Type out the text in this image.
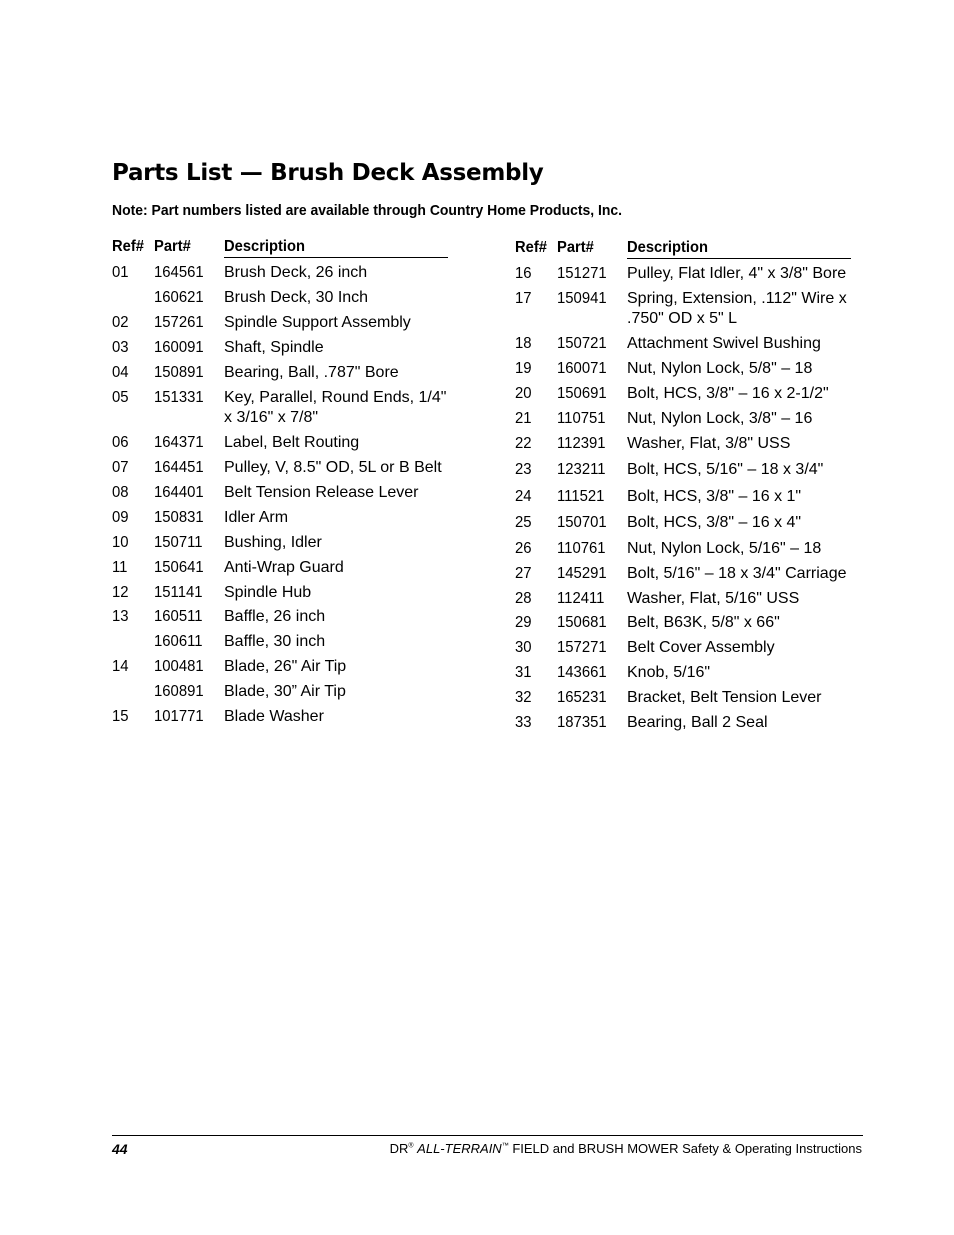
Parts List — Brush Deck Assembly

Note: Part numbers listed are available through Country Home Products, Inc.

Ref# Part# Description
01 164561 Brush Deck, 26 inch
160621 Brush Deck, 30 Inch
02 157261 Spindle Support Assembly
03 160091 Shaft, Spindle
04 150891 Bearing, Ball, .787" Bore
05 151331 Key, Parallel, Round Ends, 1/4" x 3/16" x 7/8"
06 164371 Label, Belt Routing
07 164451 Pulley, V, 8.5" OD, 5L or B Belt
08 164401 Belt Tension Release Lever
09 150831 Idler Arm
10 150711 Bushing, Idler
11 150641 Anti-Wrap Guard
12 151141 Spindle Hub
13 160511 Baffle, 26 inch
160611 Baffle, 30 inch
14 100481 Blade, 26" Air Tip
160891 Blade, 30” Air Tip
15 101771 Blade Washer
Ref# Part# Description
16 151271 Pulley, Flat Idler, 4" x 3/8" Bore
17 150941 Spring, Extension, .112" Wire x .750" OD x 5" L
18 150721 Attachment Swivel Bushing
19 160071 Nut, Nylon Lock, 5/8" – 18
20 150691 Bolt, HCS, 3/8" – 16 x 2-1/2"
21 110751 Nut, Nylon Lock, 3/8" – 16
22 112391 Washer, Flat, 3/8" USS
23 123211 Bolt, HCS, 5/16" – 18 x 3/4"
24 111521 Bolt, HCS, 3/8" – 16 x 1"
25 150701 Bolt, HCS, 3/8" – 16 x 4"
26 110761 Nut, Nylon Lock, 5/16" – 18
27 145291 Bolt, 5/16" – 18 x 3/4" Carriage
28 112411 Washer, Flat, 5/16" USS
29 150681 Belt, B63K, 5/8" x 66"
30 157271 Belt Cover Assembly
31 143661 Knob, 5/16"
32 165231 Bracket, Belt Tension Lever
33 187351 Bearing, Ball 2 Seal
44	DR® ALL-TERRAIN™ FIELD and BRUSH MOWER Safety & Operating Instructions
